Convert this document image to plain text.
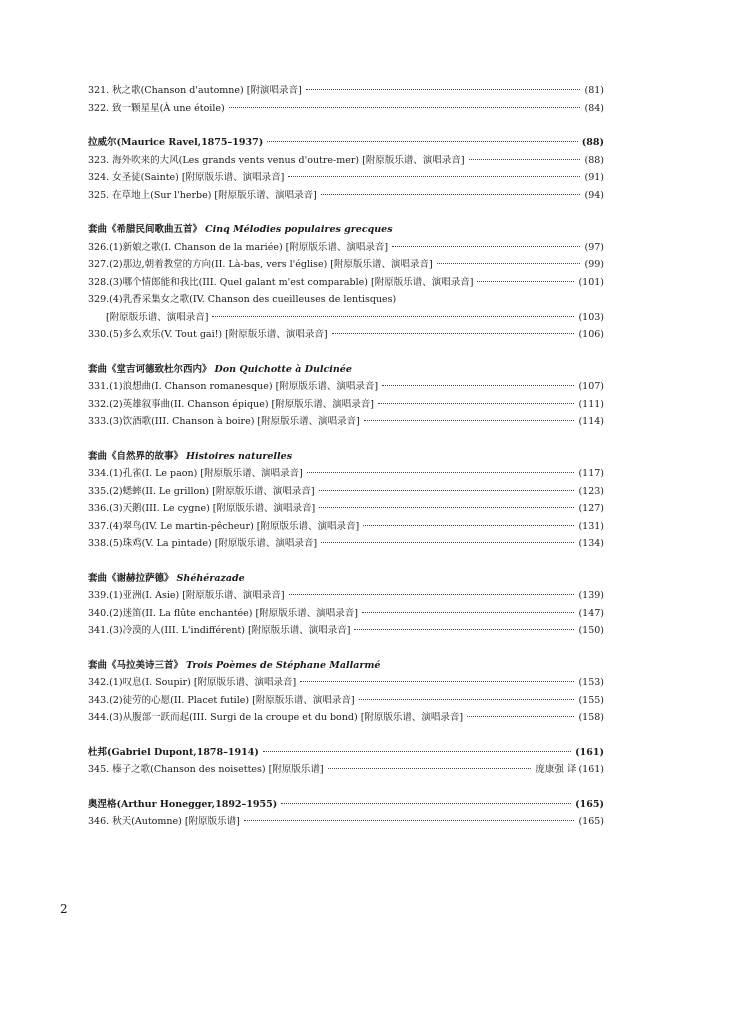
321. 秋之歌(Chanson d'automne) [附演唱录音]	(81)
322. 致一颗星星(À une étoile)	(84)
拉威尔(Maurice Ravel,1875–1937)	(88)
323. 海外吹来的大风(Les grands vents venus d'outre-mer) [附原版乐谱、演唱录音]	(88)
324. 女圣徒(Sainte) [附原版乐谱、演唱录音]	(91)
325. 在草地上(Sur l'herbe) [附原版乐谱、演唱录音]	(94)
套曲《希腊民间歌曲五首》 Cinq Mélodies populaires grecques
326.(1)新娘之歌(I. Chanson de la mariée) [附原版乐谱、演唱录音]	(97)
327.(2)那边,朝着教堂的方向(II. Là-bas, vers l'église) [附原版乐谱、演唱录音]	(99)
328.(3)哪个情郎能和我比(III. Quel galant m'est comparable) [附原版乐谱、演唱录音]	(101)
329.(4)乳香采集女之歌(IV. Chanson des cueilleuses de lentisques)
[附原版乐谱、演唱录音]	(103)
330.(5)多么欢乐(V. Tout gai!) [附原版乐谱、演唱录音]	(106)
套曲《堂吉诃德致杜尔西内》 Don Quichotte à Dulcinée
331.(1)浪想曲(I. Chanson romanesque) [附原版乐谱、演唱录音]	(107)
332.(2)英雄叙事曲(II. Chanson épique) [附原版乐谱、演唱录音]	(111)
333.(3)饮酒歌(III. Chanson à boire) [附原版乐谱、演唱录音]	(114)
套曲《自然界的故事》 Histoires naturelles
334.(1)孔雀(I. Le paon) [附原版乐谱、演唱录音]	(117)
335.(2)蟋蟀(II. Le grillon) [附原版乐谱、演唱录音]	(123)
336.(3)天鹅(III. Le cygne) [附原版乐谱、演唱录音]	(127)
337.(4)翠鸟(IV. Le martin-pêcheur) [附原版乐谱、演唱录音]	(131)
338.(5)珠鸡(V. La pintade) [附原版乐谱、演唱录音]	(134)
套曲《谢赫拉萨德》 Shéhérazade
339.(1)亚洲(I. Asie) [附原版乐谱、演唱录音]	(139)
340.(2)迷笛(II. La flûte enchantée) [附原版乐谱、演唱录音]	(147)
341.(3)冷漠的人(III. L'indifférent) [附原版乐谱、演唱录音]	(150)
套曲《马拉美诗三首》 Trois Poèmes de Stéphane Mallarmé
342.(1)叹息(I. Soupir) [附原版乐谱、演唱录音]	(153)
343.(2)徒劳的心愿(II. Placet futile) [附原版乐谱、演唱录音]	(155)
344.(3)从腹部一跃而起(III. Surgi de la croupe et du bond) [附原版乐谱、演唱录音]	(158)
杜邦(Gabriel Dupont,1878–1914)	(161)
345. 榛子之歌(Chanson des noisettes) [附原版乐谱]	庞康强 译 (161)
奥涅格(Arthur Honegger,1892–1955)	(165)
346. 秋天(Automne) [附原版乐谱]	(165)
2
